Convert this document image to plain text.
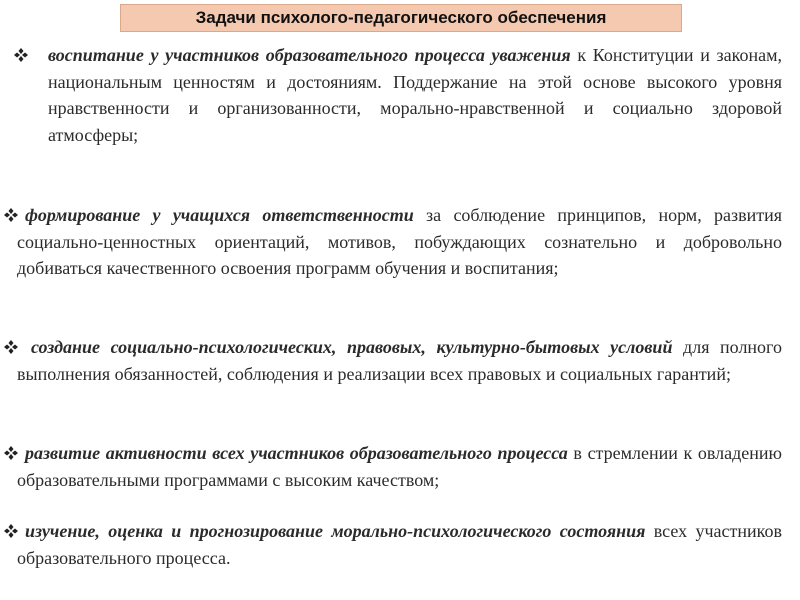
Задачи психолого-педагогического обеспечения
воспитание у участников образовательного процесса уважения к Конституции и законам, национальным ценностям и достояниям. Поддержание на этой основе высокого уровня нравственности и организованности, морально-нравственной и социально здоровой атмосферы;
формирование у учащихся ответственности за соблюдение принципов, норм, развития социально-ценностных ориентаций, мотивов, побуждающих сознательно и добровольно добиваться качественного освоения программ обучения и воспитания;
создание социально-психологических, правовых, культурно-бытовых условий для полного выполнения обязанностей, соблюдения и реализации всех правовых и социальных гарантий;
развитие активности всех участников образовательного процесса в стремлении к овладению образовательными программами с высоким качеством;
изучение, оценка и прогнозирование морально-психологического состояния всех участников образовательного процесса.
